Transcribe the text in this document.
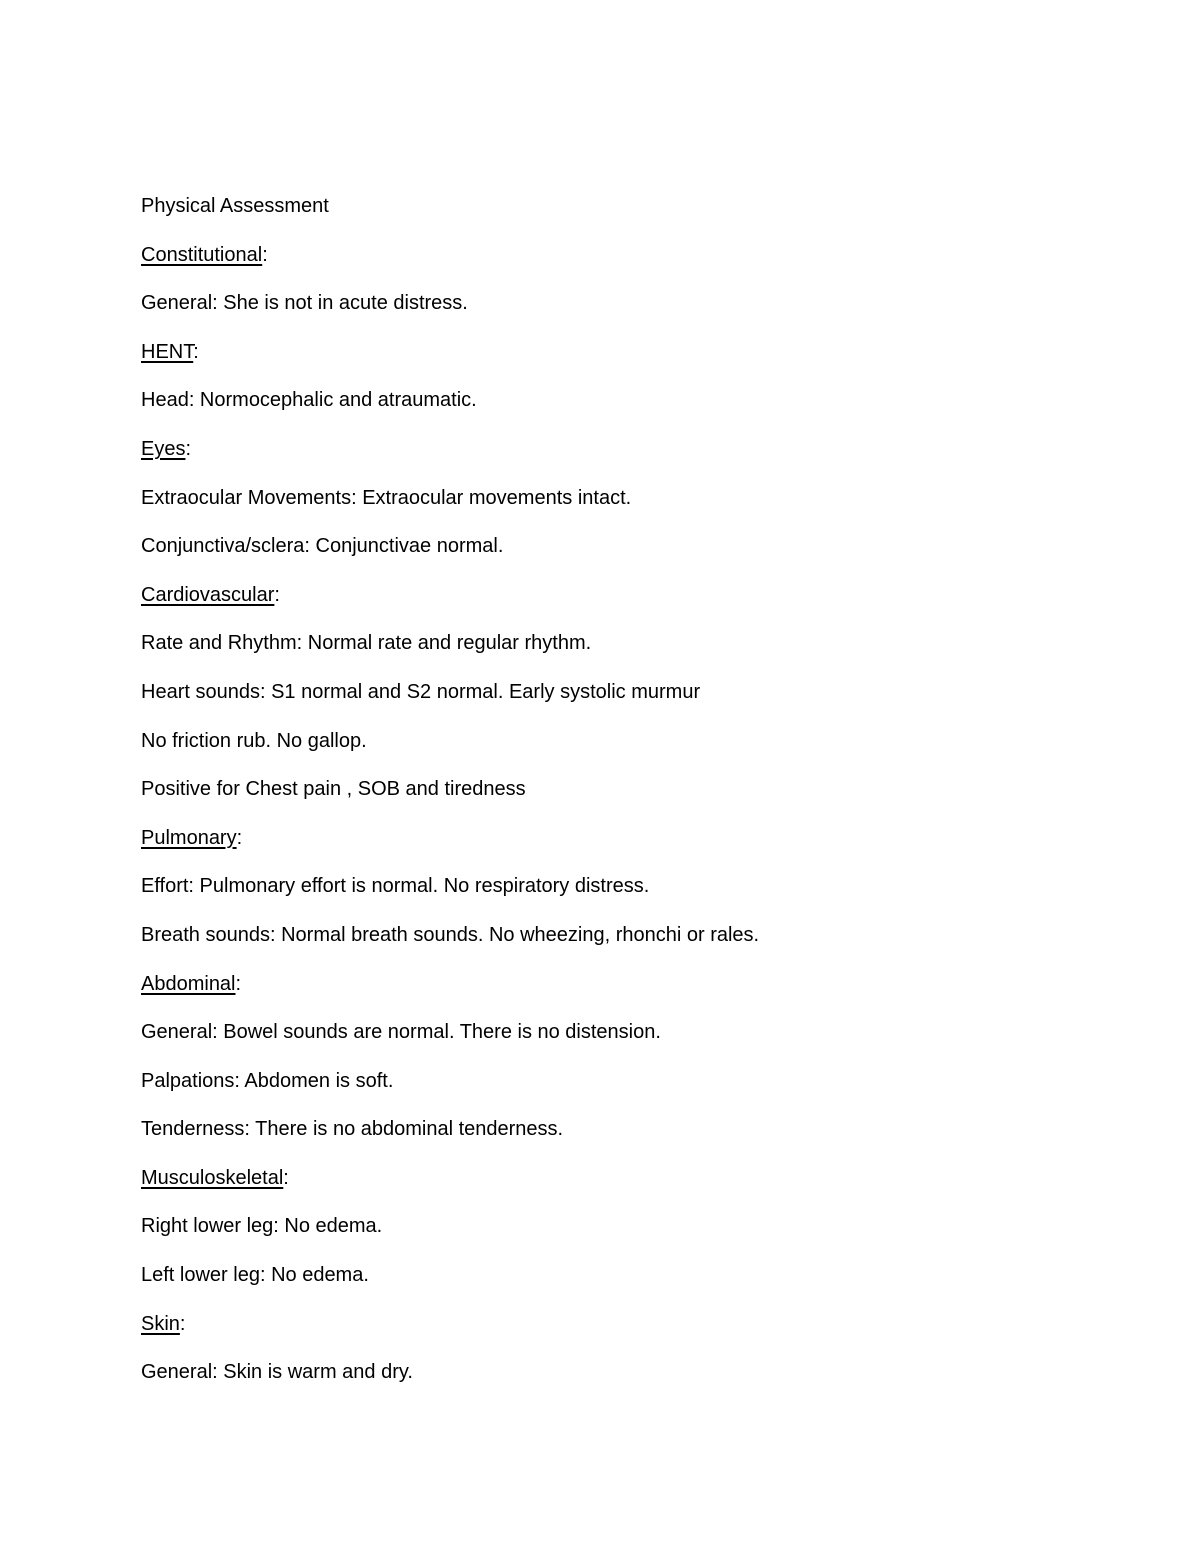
Physical Assessment
Constitutional:
General: She is not in acute distress.
HENT:
Head: Normocephalic and atraumatic.
Eyes:
Extraocular Movements: Extraocular movements intact.
Conjunctiva/sclera: Conjunctivae normal.
Cardiovascular:
Rate and Rhythm: Normal rate and regular rhythm.
Heart sounds: S1 normal and S2 normal. Early systolic murmur
No friction rub. No gallop.
Positive for Chest pain , SOB and tiredness
Pulmonary:
Effort: Pulmonary effort is normal. No respiratory distress.
Breath sounds: Normal breath sounds. No wheezing, rhonchi or rales.
Abdominal:
General: Bowel sounds are normal. There is no distension.
Palpations: Abdomen is soft.
Tenderness: There is no abdominal tenderness.
Musculoskeletal:
Right lower leg: No edema.
Left lower leg: No edema.
Skin:
General: Skin is warm and dry.
